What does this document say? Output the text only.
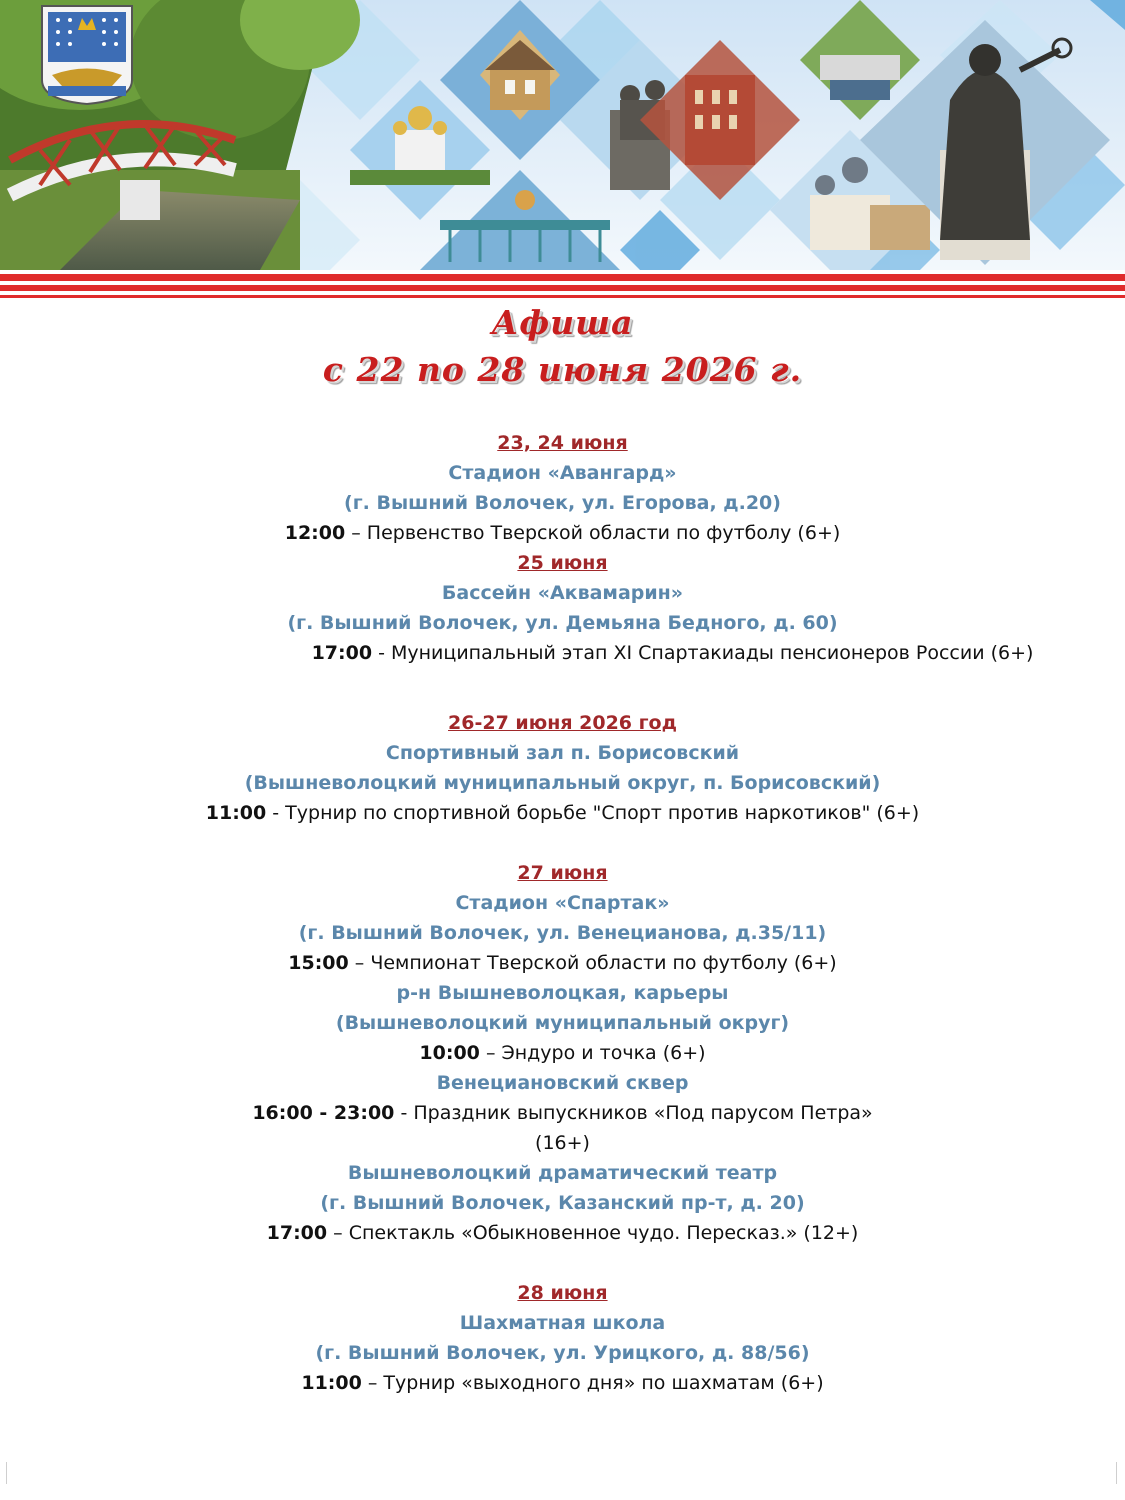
Афиша
с 22 по 28 июня 2026 г.
23, 24 июня
Стадион «Авангард»
(г. Вышний Волочек, ул. Егорова, д.20)
12:00 – Первенство Тверской области по футболу (6+)
25 июня
Бассейн «Аквамарин»
(г. Вышний Волочек, ул. Демьяна Бедного, д. 60)
17:00 - Муниципальный этап XI Спартакиады пенсионеров России (6+)
26-27 июня 2026 год
Спортивный зал п. Борисовский
(Вышневолоцкий муниципальный округ, п. Борисовский)
11:00 - Турнир по спортивной борьбе "Спорт против наркотиков" (6+)
27 июня
Стадион «Спартак»
(г. Вышний Волочек, ул. Венецианова, д.35/11)
15:00 – Чемпионат Тверской области по футболу (6+)
р-н Вышневолоцкая, карьеры
(Вышневолоцкий муниципальный округ)
10:00 – Эндуро и точка (6+)
Венециановский сквер
16:00 - 23:00 - Праздник выпускников «Под парусом Петра»
(16+)
Вышневолоцкий драматический театр
(г. Вышний Волочек, Казанский пр-т, д. 20)
17:00 – Спектакль «Обыкновенное чудо. Пересказ.» (12+)
28 июня
Шахматная школа
(г. Вышний Волочек, ул. Урицкого, д. 88/56)
11:00 – Турнир «выходного дня» по шахматам (6+)
